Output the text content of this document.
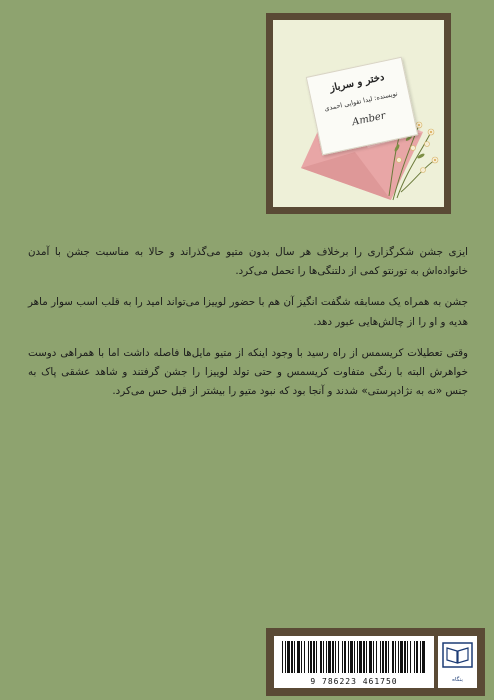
دختر و سرباز
نویسنده: لیدا تقوایی احمدی
Amber

ایزی جشن شکرگزاری را برخلاف هر سال بدون متیو می‌گذراند و حالا به مناسبت جشن با آمدن خانواده‌اش به تورنتو کمی از دلتنگی‌ها را تحمل می‌کرد.

جشن به همراه یک مسابقه شگفت انگیز آن هم با حضور لوییزا می‌تواند امید را به قلب اسب سوار ماهر هدیه و او را از چالش‌هایی عبور دهد.

وقتی تعطیلات کریسمس از راه رسید با وجود اینکه از متیو مایل‌ها فاصله داشت اما با همراهی دوست خواهرش البته با رنگی متفاوت کریسمس و حتی تولد لوییزا را جشن گرفتند و شاهد عشقی پاک به جنس «نه به نژادپرستی» شدند و آنجا بود که نبود متیو را بیشتر از قبل حس می‌کرد.

9 786223 461750	بنگاه
